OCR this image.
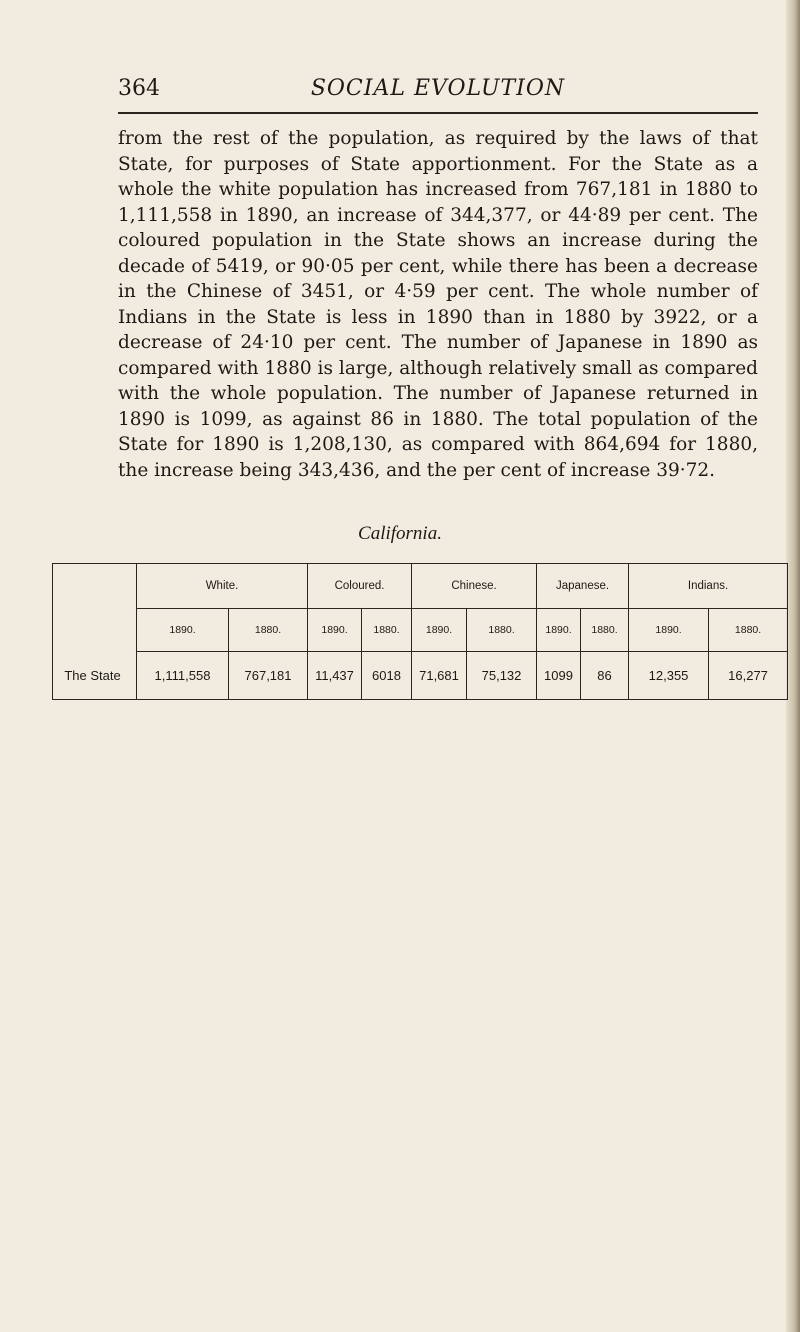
364	SOCIAL EVOLUTION

from the rest of the population, as required by the laws of that State, for purposes of State apportionment. For the State as a whole the white population has increased from 767,181 in 1880 to 1,111,558 in 1890, an increase of 344,377, or 44·89 per cent. The coloured population in the State shows an increase during the decade of 5419, or 90·05 per cent, while there has been a decrease in the Chinese of 3451, or 4·59 per cent. The whole number of Indians in the State is less in 1890 than in 1880 by 3922, or a decrease of 24·10 per cent. The number of Japanese in 1890 as compared with 1880 is large, although relatively small as compared with the whole population. The number of Japanese returned in 1890 is 1099, as against 86 in 1880. The total population of the State for 1890 is 1,208,130, as compared with 864,694 for 1880, the increase being 343,436, and the per cent of increase 39·72.

California.

	White.		Coloured.		Chinese.		Japanese.		Indians.	
	1890.	1880.	1890.	1880.	1890.	1880.	1890.	1880.	1890.	1880.
The State	1,111,558	767,181	11,437	6018	71,681	75,132	1099	86	12,355	16,277
